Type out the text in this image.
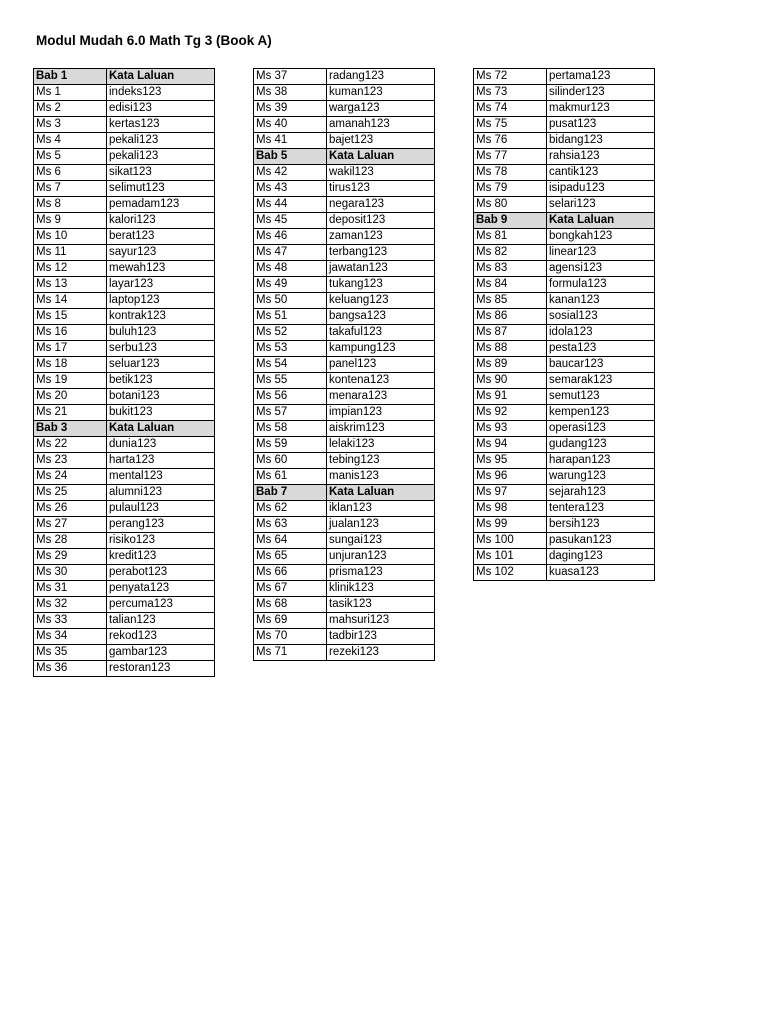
Modul Mudah 6.0 Math Tg 3 (Book A)
Bab 1	Kata Laluan
Ms 1	indeks123
Ms 2	edisi123
Ms 3	kertas123
Ms 4	pekali123
Ms 5	pekali123
Ms 6	sikat123
Ms 7	selimut123
Ms 8	pemadam123
Ms 9	kalori123
Ms 10	berat123
Ms 11	sayur123
Ms 12	mewah123
Ms 13	layar123
Ms 14	laptop123
Ms 15	kontrak123
Ms 16	buluh123
Ms 17	serbu123
Ms 18	seluar123
Ms 19	betik123
Ms 20	botani123
Ms 21	bukit123
Bab 3	Kata Laluan
Ms 22	dunia123
Ms 23	harta123
Ms 24	mental123
Ms 25	alumni123
Ms 26	pulaul123
Ms 27	perang123
Ms 28	risiko123
Ms 29	kredit123
Ms 30	perabot123
Ms 31	penyata123
Ms 32	percuma123
Ms 33	talian123
Ms 34	rekod123
Ms 35	gambar123
Ms 36	restoran123
Ms 37	radang123
Ms 38	kuman123
Ms 39	warga123
Ms 40	amanah123
Ms 41	bajet123
Bab 5	Kata Laluan
Ms 42	wakil123
Ms 43	tirus123
Ms 44	negara123
Ms 45	deposit123
Ms 46	zaman123
Ms 47	terbang123
Ms 48	jawatan123
Ms 49	tukang123
Ms 50	keluang123
Ms 51	bangsa123
Ms 52	takaful123
Ms 53	kampung123
Ms 54	panel123
Ms 55	kontena123
Ms 56	menara123
Ms 57	impian123
Ms 58	aiskrim123
Ms 59	lelaki123
Ms 60	tebing123
Ms 61	manis123
Bab 7	Kata Laluan
Ms 62	iklan123
Ms 63	jualan123
Ms 64	sungai123
Ms 65	unjuran123
Ms 66	prisma123
Ms 67	klinik123
Ms 68	tasik123
Ms 69	mahsuri123
Ms 70	tadbir123
Ms 71	rezeki123
Ms 72	pertama123
Ms 73	silinder123
Ms 74	makmur123
Ms 75	pusat123
Ms 76	bidang123
Ms 77	rahsia123
Ms 78	cantik123
Ms 79	isipadu123
Ms 80	selari123
Bab 9	Kata Laluan
Ms 81	bongkah123
Ms 82	linear123
Ms 83	agensi123
Ms 84	formula123
Ms 85	kanan123
Ms 86	sosial123
Ms 87	idola123
Ms 88	pesta123
Ms 89	baucar123
Ms 90	semarak123
Ms 91	semut123
Ms 92	kempen123
Ms 93	operasi123
Ms 94	gudang123
Ms 95	harapan123
Ms 96	warung123
Ms 97	sejarah123
Ms 98	tentera123
Ms 99	bersih123
Ms 100	pasukan123
Ms 101	daging123
Ms 102	kuasa123
